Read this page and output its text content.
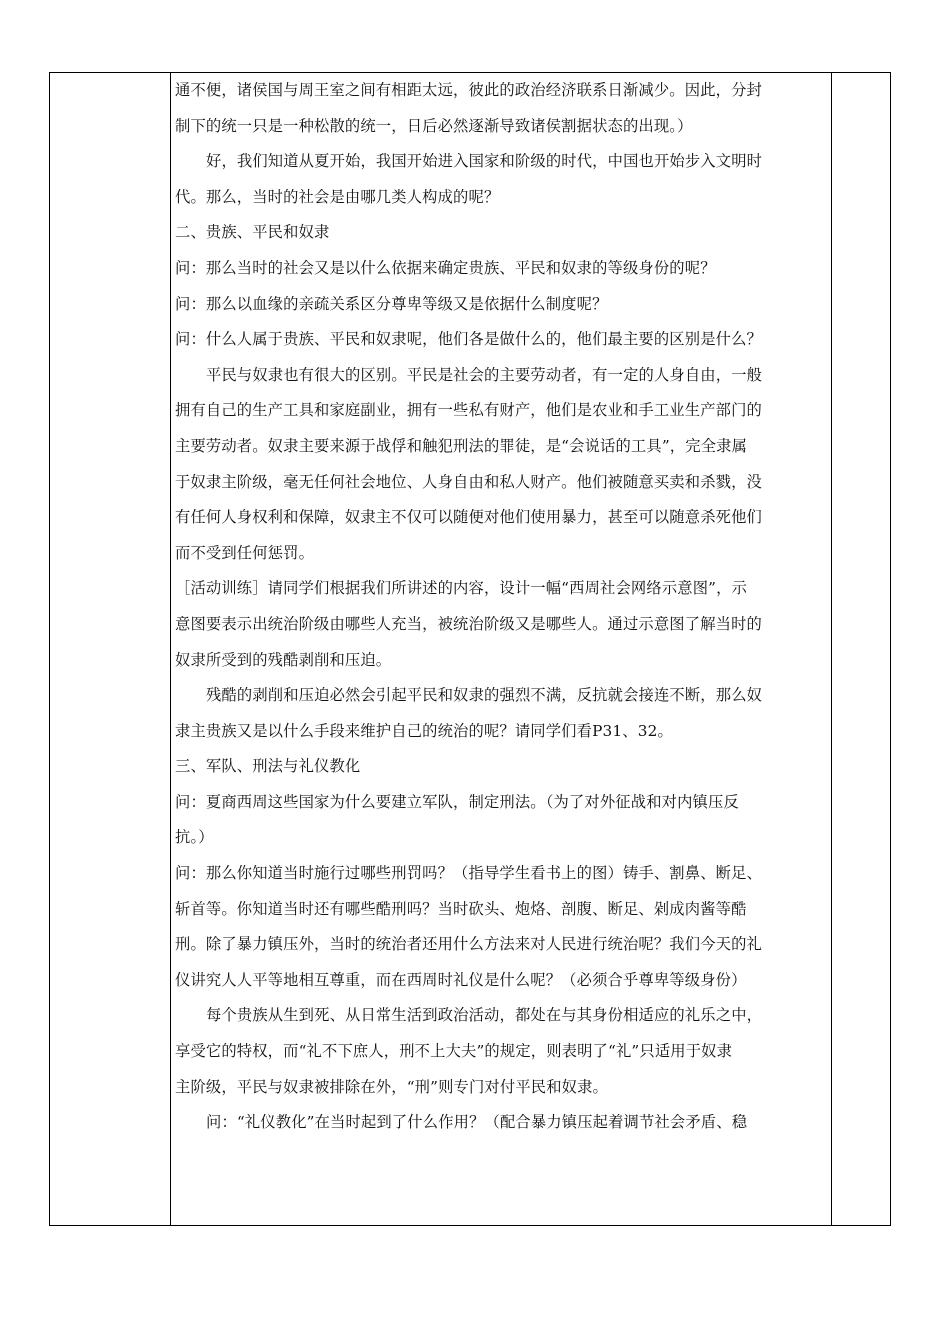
通不便，诸侯国与周王室之间有相距太远，彼此的政治经济联系日渐减少。因此，分封
制下的统一只是一种松散的统一，日后必然逐渐导致诸侯割据状态的出现。）
好，我们知道从夏开始，我国开始进入国家和阶级的时代，中国也开始步入文明时
代。那么，当时的社会是由哪几类人构成的呢？
二、贵族、平民和奴隶
问：那么当时的社会又是以什么依据来确定贵族、平民和奴隶的等级身份的呢？
问：那么以血缘的亲疏关系区分尊卑等级又是依据什么制度呢？
问：什么人属于贵族、平民和奴隶呢，他们各是做什么的，他们最主要的区别是什么？
平民与奴隶也有很大的区别。平民是社会的主要劳动者，有一定的人身自由，一般
拥有自己的生产工具和家庭副业，拥有一些私有财产，他们是农业和手工业生产部门的
主要劳动者。奴隶主要来源于战俘和触犯刑法的罪徒，是“会说话的工具”，完全隶属
于奴隶主阶级，毫无任何社会地位、人身自由和私人财产。他们被随意买卖和杀戮，没
有任何人身权利和保障，奴隶主不仅可以随便对他们使用暴力，甚至可以随意杀死他们
而不受到任何惩罚。
［活动训练］请同学们根据我们所讲述的内容，设计一幅“西周社会网络示意图”，示
意图要表示出统治阶级由哪些人充当，被统治阶级又是哪些人。通过示意图了解当时的
奴隶所受到的残酷剥削和压迫。
残酷的剥削和压迫必然会引起平民和奴隶的强烈不满，反抗就会接连不断，那么奴
隶主贵族又是以什么手段来维护自己的统治的呢？请同学们看P31、32。
三、军队、刑法与礼仪教化
问：夏商西周这些国家为什么要建立军队，制定刑法。（为了对外征战和对内镇压反
抗。）
问：那么你知道当时施行过哪些刑罚吗？（指导学生看书上的图）铸手、割鼻、断足、
斩首等。你知道当时还有哪些酷刑吗？当时砍头、炮烙、剖腹、断足、剁成肉酱等酷
刑。除了暴力镇压外，当时的统治者还用什么方法来对人民进行统治呢？我们今天的礼
仪讲究人人平等地相互尊重，而在西周时礼仪是什么呢？（必须合乎尊卑等级身份）
每个贵族从生到死、从日常生活到政治活动，都处在与其身份相适应的礼乐之中，
享受它的特权，而“礼不下庶人，刑不上大夫”的规定，则表明了“礼”只适用于奴隶
主阶级，平民与奴隶被排除在外，“刑”则专门对付平民和奴隶。
问：“礼仪教化”在当时起到了什么作用？（配合暴力镇压起着调节社会矛盾、稳
